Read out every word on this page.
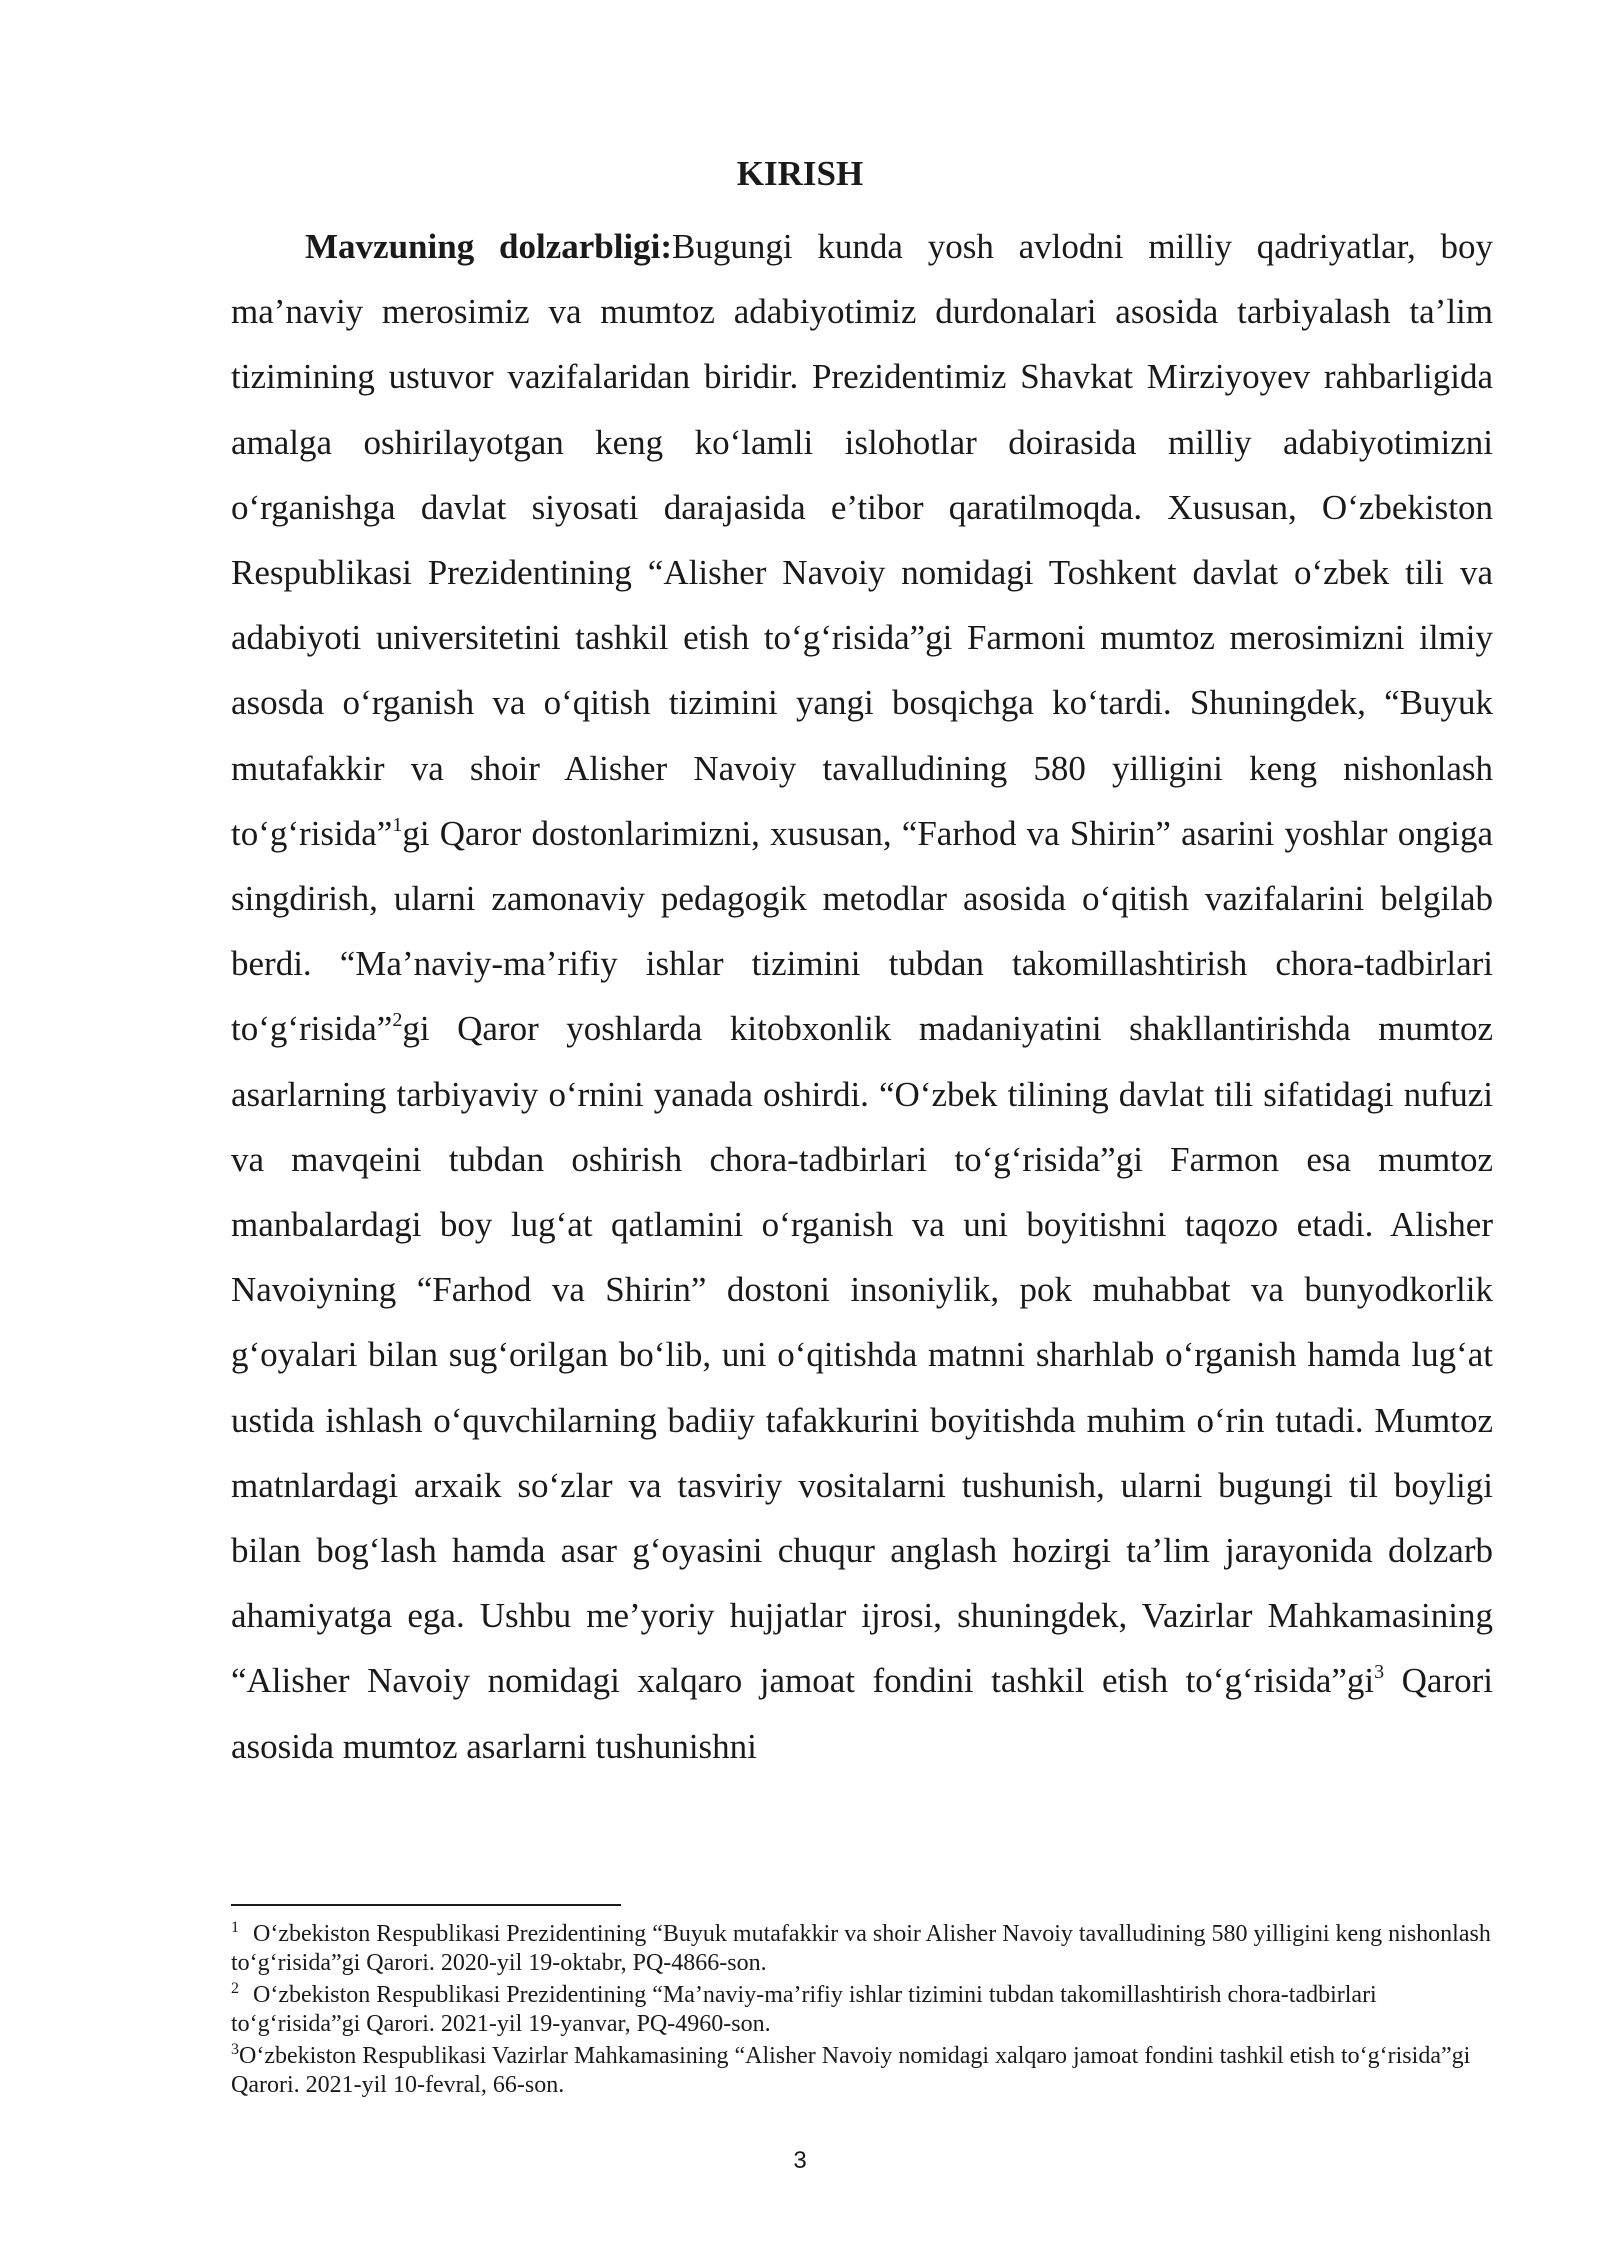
KIRISH

Mavzuning dolzarbligi:Bugungi kunda yosh avlodni milliy qadriyatlar, boy ma’naviy merosimiz va mumtoz adabiyotimiz durdonalari asosida tarbiyalash ta’lim tizimining ustuvor vazifalaridan biridir. Prezidentimiz Shavkat Mirziyoyev rahbarligida amalga oshirilayotgan keng ko‘lamli islohotlar doirasida milliy adabiyotimizni o‘rganishga davlat siyosati darajasida e’tibor qaratilmoqda. Xususan, O‘zbekiston Respublikasi Prezidentining “Alisher Navoiy nomidagi Toshkent davlat o‘zbek tili va adabiyoti universitetini tashkil etish to‘g‘risida”gi Farmoni mumtoz merosimizni ilmiy asosda o‘rganish va o‘qitish tizimini yangi bosqichga ko‘tardi. Shuningdek, “Buyuk mutafakkir va shoir Alisher Navoiy tavalludining 580 yilligini keng nishonlash to‘g‘risida”$^1$gi Qaror dostonlarimizni, xususan, “Farhod va Shirin” asarini yoshlar ongiga singdirish, ularni zamonaviy pedagogik metodlar asosida o‘qitish vazifalarini belgilab berdi. “Ma’naviy-ma’rifiy ishlar tizimini tubdan takomillashtirish chora-tadbirlari to‘g‘risida”$^2$gi Qaror yoshlarda kitobxonlik madaniyatini shakllantirishda mumtoz asarlarning tarbiyaviy o‘rnini yanada oshirdi. “O‘zbek tilining davlat tili sifatidagi nufuzi va mavqeini tubdan oshirish chora-tadbirlari to‘g‘risida”gi Farmon esa mumtoz manbalardagi boy lug‘at qatlamini o‘rganish va uni boyitishni taqozo etadi. Alisher Navoiyning “Farhod va Shirin” dostoni insoniylik, pok muhabbat va bunyodkorlik g‘oyalari bilan sug‘orilgan bo‘lib, uni o‘qitishda matnni sharhlab o‘rganish hamda lug‘at ustida ishlash o‘quvchilarning badiiy tafakkurini boyitishda muhim o‘rin tutadi. Mumtoz matnlardagi arxaik so‘zlar va tasviriy vositalarni tushunish, ularni bugungi til boyligi bilan bog‘lash hamda asar g‘oyasini chuqur anglash hozirgi ta’lim jarayonida dolzarb ahamiyatga ega. Ushbu me’yoriy hujjatlar ijrosi, shuningdek, Vazirlar Mahkamasining “Alisher Navoiy nomidagi xalqaro jamoat fondini tashkil etish $to‘g‘risida”gi^3$ Qarori asosida mumtoz asarlarni tushunishni

$^1$ O‘zbekiston Respublikasi Prezidentining “Buyuk mutafakkir va shoir Alisher Navoiy tavalludining 580 yilligini keng nishonlash to‘g‘risida”gi Qarori. 2020-yil 19-oktabr, PQ-4866-son.

$^2$ O‘zbekiston Respublikasi Prezidentining “Ma’naviy-ma’rifiy ishlar tizimini tubdan takomillashtirish chora-tadbirlari to‘g‘risida”gi Qarori. 2021-yil 19-yanvar, PQ-4960-son.

$^3$O‘zbekiston Respublikasi Vazirlar Mahkamasining “Alisher Navoiy nomidagi xalqaro jamoat fondini tashkil etish to‘g‘risida”gi Qarori. 2021-yil 10-fevral, 66-son.

3
